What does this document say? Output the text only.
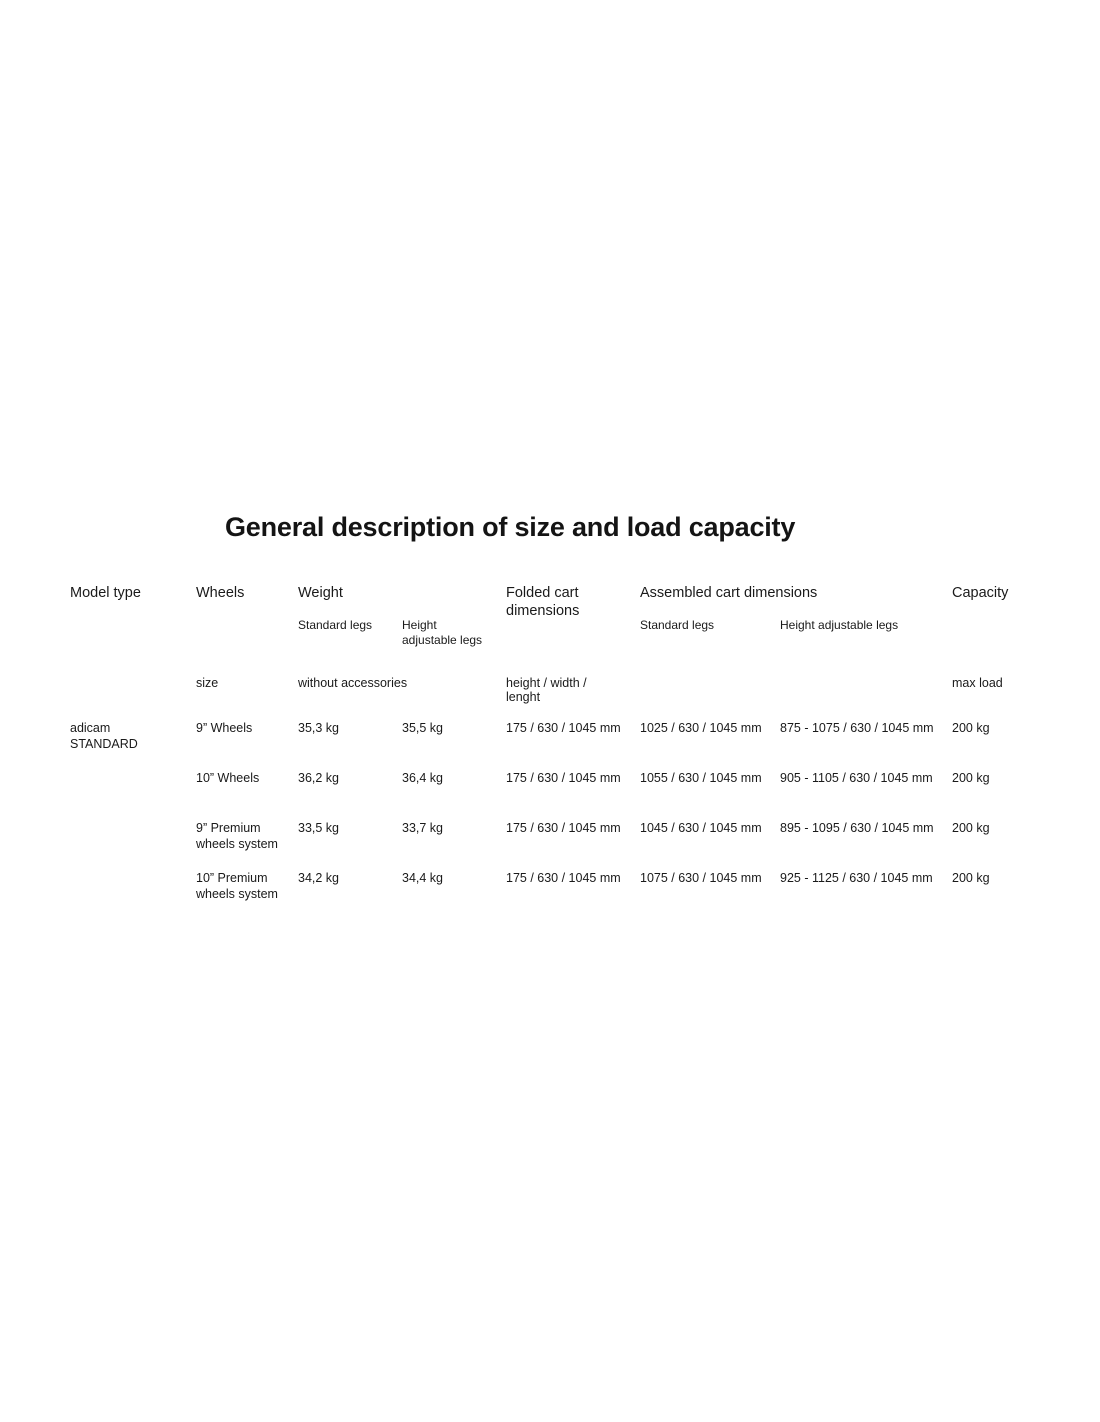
General description of size and load capacity
Model type	Wheels	Weight		Folded cart dimensions	Assembled cart dimensions		Capacity
		Standard legs	Height adjustable legs		Standard legs	Height adjustable legs	
	size	without accessories		height / width / lenght			max load
adicam
STANDARD	9” Wheels	35,3 kg	35,5 kg	175 / 630 / 1045 mm	1025 / 630 / 1045 mm	875 - 1075 / 630 / 1045 mm	200 kg
	10” Wheels	36,2 kg	36,4 kg	175 / 630 / 1045 mm	1055 / 630 / 1045 mm	905 - 1105 / 630 / 1045 mm	200 kg
	9” Premium wheels system	33,5 kg	33,7 kg	175 / 630 / 1045 mm	1045 / 630 / 1045 mm	895 - 1095 / 630 / 1045 mm	200 kg
	10” Premium wheels system	34,2 kg	34,4 kg	175 / 630 / 1045 mm	1075 / 630 / 1045 mm	925 - 1125 / 630 / 1045 mm	200 kg
